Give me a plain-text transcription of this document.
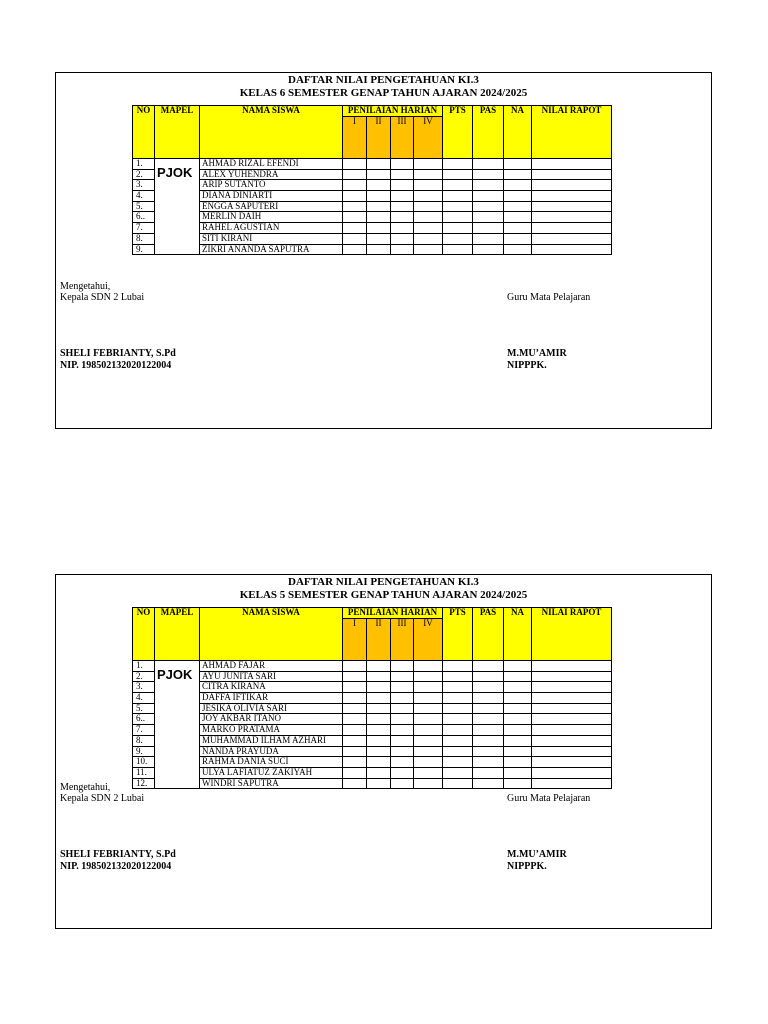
DAFTAR NILAI PENGETAHUAN KI.3
KELAS 6 SEMESTER GENAP TAHUN AJARAN 2024/2025
NO	MAPEL	NAMA SISWA	PENILAIAN HARIAN				PTS	PAS	NA	NILAI RAPOT
			I	II	III	IV				
1.	PJOK	AHMAD RIZAL EFENDI								
2.		ALEX YUHENDRA								
3.		ARIP SUTANTO								
4.		DIANA DINIARTI								
5.		ENGGA SAPUTERI								
6..		MERLIN DAIH								
7.		RAHEL AGUSTIAN								
8.		SITI KIRANI								
9.		ZIKRI ANANDA SAPUTRA								
Mengetahui,
Kepala SDN 2 Lubai	Guru Mata Pelajaran
SHELI FEBRIANTY, S.Pd
NIP. 198502132020122004
M.MU’AMIR
NIPPPK.
DAFTAR NILAI PENGETAHUAN KI.3
KELAS 5 SEMESTER GENAP TAHUN AJARAN 2024/2025
NO	MAPEL	NAMA SISWA	PENILAIAN HARIAN				PTS	PAS	NA	NILAI RAPOT
			I	II	III	IV				
1.	PJOK	AHMAD FAJAR								
2.		AYU JUNITA SARI								
3.		CITRA KIRANA								
4.		DAFFA IFTIKAR								
5.		JESIKA OLIVIA SARI								
6..		JOY AKBAR ITANO								
7.		MARKO PRATAMA								
8.		MUHAMMAD ILHAM AZHARI								
9.		NANDA PRAYUDA								
10.		RAHMA DANIA SUCI								
11.		ULYA LAFIATUZ ZAKIYAH								
12.		WINDRI SAPUTRA								
Mengetahui,
Kepala SDN 2 Lubai	Guru Mata Pelajaran
SHELI FEBRIANTY, S.Pd
NIP. 198502132020122004
M.MU’AMIR
NIPPPK.
